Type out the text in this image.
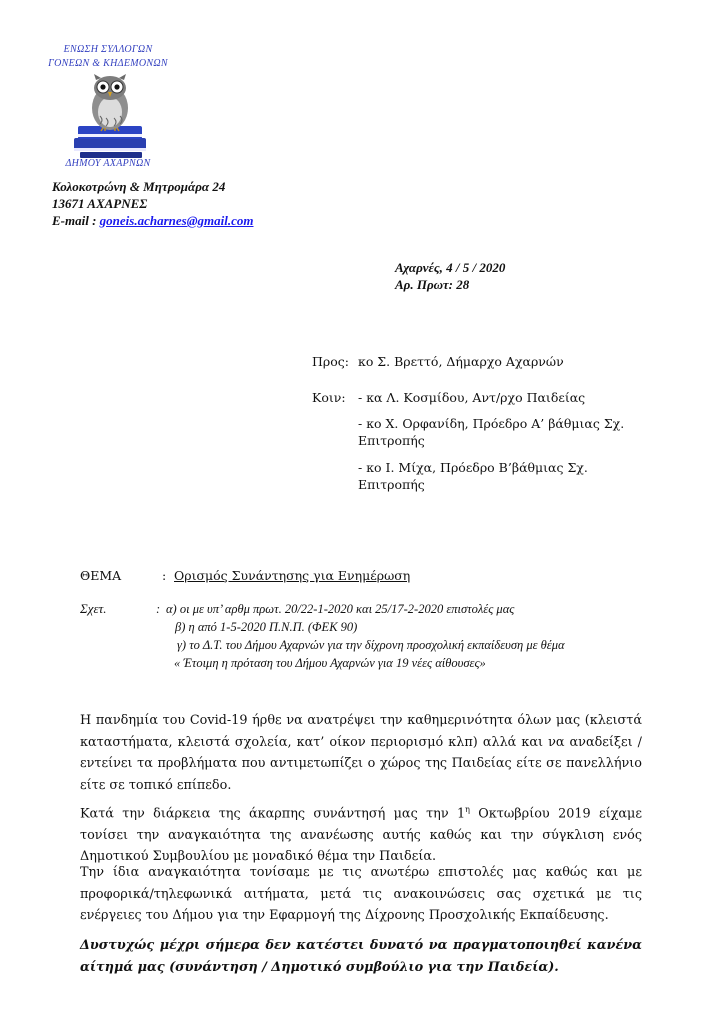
ΕΝΩΣΗ ΣΥΛΛΟΓΩΝ
ΓΟΝΕΩΝ & ΚΗΔΕΜΟΝΩΝ
ΔΗΜΟΥ ΑΧΑΡΝΩΝ
Κολοκοτρώνη & Μητρομάρα 24
13671 ΑΧΑΡΝΕΣ
E-mail : goneis.acharnes@gmail.com
Αχαρνές, 4 / 5 / 2020
Αρ. Πρωτ: 28
Προς: κο Σ. Βρεττό, Δήμαρχο Αχαρνών
Κοιν: - κα Λ. Κοσμίδου, Αντ/ρχο Παιδείας
- κο Χ. Ορφανίδη, Πρόεδρο Α’ βάθμιας Σχ. Επιτροπής
- κο Ι. Μίχα, Πρόεδρο Β’βάθμιας Σχ. Επιτροπής
ΘΕΜΑ	: Ορισμός Συνάντησης για Ενημέρωση
Σχετ.	: α) οι με υπ’ αρθμ πρωτ. 20/22-1-2020 και 25/17-2-2020 επιστολές μας
β) η από 1-5-2020 Π.Ν.Π. (ΦΕΚ 90)
γ) το Δ.Τ. του Δήμου Αχαρνών για την δίχρονη προσχολική εκπαίδευση με θέμα
« Έτοιμη η πρόταση του Δήμου Αχαρνών για 19 νέες αίθουσες»
Η πανδημία του Covid-19 ήρθε να ανατρέψει την καθημερινότητα όλων μας (κλειστά καταστήματα, κλειστά σχολεία, κατ’ οίκον περιορισμό κλπ) αλλά και να αναδείξει /εντείνει τα προβλήματα που αντιμετωπίζει ο χώρος της Παιδείας είτε σε πανελλήνιο είτε σε τοπικό επίπεδο.
Κατά την διάρκεια της άκαρπης συνάντησή μας την $1^\eta$ Οκτωβρίου 2019 είχαμε τονίσει την αναγκαιότητα της ανανέωσης αυτής καθώς και την σύγκλιση ενός Δημοτικού Συμβουλίου με μοναδικό θέμα την Παιδεία.
Την ίδια αναγκαιότητα τονίσαμε με τις ανωτέρω επιστολές μας καθώς και με προφορικά/τηλεφωνικά αιτήματα, μετά τις ανακοινώσεις σας σχετικά με τις ενέργειες του Δήμου για την Εφαρμογή της Δίχρονης Προσχολικής Εκπαίδευσης.
Δυστυχώς μέχρι σήμερα δεν κατέστει δυνατό να πραγματοποιηθεί κανένα αίτημά μας (συνάντηση / Δημοτικό συμβούλιο για την Παιδεία).
